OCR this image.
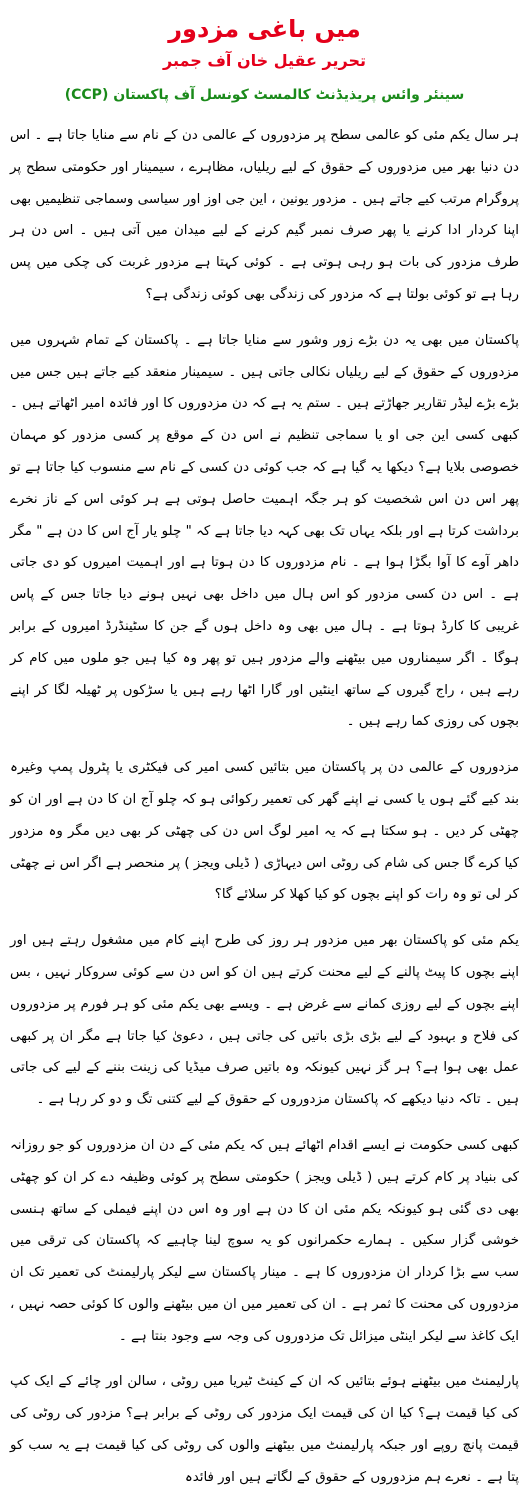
میں باغی مزدور
تحریر عقیل خان آف جمبر
سینئر وائس پریذیڈنٹ کالمسٹ کونسل آف پاکستان (CCP)

ہر سال یکم مئی کو عالمی سطح پر مزدوروں کے عالمی دن کے نام سے منایا جاتا ہے ۔ اس دن دنیا بھر میں مزدوروں کے حقوق کے لیے ریلیاں، مظاہرے ، سیمینار اور حکومتی سطح پر پروگرام مرتب کیے جاتے ہیں ۔ مزدور یونین ، این جی اوز اور سیاسی وسماجی تنظیمیں بھی اپنا کردار ادا کرنے یا پھر صرف نمبر گیم کرنے کے لیے میدان میں آتی ہیں ۔ اس دن ہر طرف مزدور کی بات ہو رہی ہوتی ہے ۔ کوئی کہتا ہے مزدور غربت کی چکی میں پس رہا ہے تو کوئی بولتا ہے کہ مزدور کی زندگی بھی کوئی زندگی ہے؟

پاکستان میں بھی یہ دن بڑے زور وشور سے منایا جاتا ہے ۔ پاکستان کے تمام شہروں میں مزدوروں کے حقوق کے لیے ریلیاں نکالی جاتی ہیں ۔ سیمینار منعقد کیے جاتے ہیں جس میں بڑے بڑے لیڈر تقاریر جھاڑتے ہیں ۔ ستم یہ ہے کہ دن مزدوروں کا اور فائدہ امیر اٹھاتے ہیں ۔ کبھی کسی این جی او یا سماجی تنظیم نے اس دن کے موقع پر کسی مزدور کو مہمان خصوصی بلایا ہے؟ دیکھا یہ گیا ہے کہ جب کوئی دن کسی کے نام سے منسوب کیا جاتا ہے تو پھر اس دن اس شخصیت کو ہر جگہ اہمیت حاصل ہوتی ہے ہر کوئی اس کے ناز نخرے برداشت کرتا ہے اور بلکہ یہاں تک بھی کہہ دیا جاتا ہے کہ " چلو یار آج اس کا دن ہے " مگر داھر آوے کا آوا بگڑا ہوا ہے ۔ نام مزدوروں کا دن ہوتا ہے اور اہمیت امیروں کو دی جاتی ہے ۔ اس دن کسی مزدور کو اس ہال میں داخل بھی نہیں ہونے دیا جاتا جس کے پاس غریبی کا کارڈ ہوتا ہے ۔ ہال میں بھی وہ داخل ہوں گے جن کا سٹینڈرڈ امیروں کے برابر ہوگا ۔ اگر سیمناروں میں بیٹھنے والے مزدور ہیں تو پھر وہ کیا ہیں جو ملوں میں کام کر رہے ہیں ، راج گیروں کے ساتھ اینٹیں اور گارا اٹھا رہے ہیں یا سڑکوں پر ٹھیلہ لگا کر اپنے بچوں کی روزی کما رہے ہیں ۔

مزدوروں کے عالمی دن پر پاکستان میں بتائیں کسی امیر کی فیکٹری یا پٹرول پمپ وغیرہ بند کیے گئے ہوں یا کسی نے اپنے گھر کی تعمیر رکوائی ہو کہ چلو آج ان کا دن ہے اور ان کو چھٹی کر دیں ۔ ہو سکتا ہے کہ یہ امیر لوگ اس دن کی چھٹی کر بھی دیں مگر وہ مزدور کیا کرے گا جس کی شام کی روٹی اس دیہاڑی ( ڈیلی ویجز ) پر منحصر ہے اگر اس نے چھٹی کر لی تو وہ رات کو اپنے بچوں کو کیا کھلا کر سلائے گا؟

یکم مئی کو پاکستان بھر میں مزدور ہر روز کی طرح اپنے کام میں مشغول رہتے ہیں اور اپنے بچوں کا پیٹ پالنے کے لیے محنت کرتے ہیں ان کو اس دن سے کوئی سروکار نہیں ، بس اپنے بچوں کے لیے روزی کمانے سے غرض ہے ۔ ویسے بھی یکم مئی کو ہر فورم پر مزدوروں کی فلاح و بہبود کے لیے بڑی بڑی باتیں کی جاتی ہیں ، دعویٰ کیا جاتا ہے مگر ان پر کبھی عمل بھی ہوا ہے؟ ہر گز نہیں کیونکہ وہ باتیں صرف میڈیا کی زینت بننے کے لیے کی جاتی ہیں ۔ تاکہ دنیا دیکھے کہ پاکستان مزدوروں کے حقوق کے لیے کتنی تگ و دو کر رہا ہے ۔

کبھی کسی حکومت نے ایسے اقدام اٹھائے ہیں کہ یکم مئی کے دن ان مزدوروں کو جو روزانہ کی بنیاد پر کام کرتے ہیں ( ڈیلی ویجز ) حکومتی سطح پر کوئی وظیفہ دے کر ان کو چھٹی بھی دی گئی ہو کیونکہ یکم مئی ان کا دن ہے اور وہ اس دن اپنے فیملی کے ساتھ ہنسی خوشی گزار سکیں ۔ ہمارے حکمرانوں کو یہ سوچ لینا چاہیے کہ پاکستان کی ترقی میں سب سے بڑا کردار ان مزدوروں کا ہے ۔ مینار پاکستان سے لیکر پارلیمنٹ کی تعمیر تک ان مزدوروں کی محنت کا ثمر ہے ۔ ان کی تعمیر میں ان میں بیٹھنے والوں کا کوئی حصہ نہیں ، ایک کاغذ سے لیکر اینٹی میزائل تک مزدوروں کی وجہ سے وجود بنتا ہے ۔

پارلیمنٹ میں بیٹھنے ہوئے بتائیں کہ ان کے کینٹ ٹیریا میں روٹی ، سالن اور چائے کے ایک کپ کی کیا قیمت ہے؟ کیا ان کی قیمت ایک مزدور کی روٹی کے برابر ہے؟ مزدور کی روٹی کی قیمت پانچ روپے اور جبکہ پارلیمنٹ میں بیٹھنے والوں کی روٹی کی کیا قیمت ہے یہ سب کو پتا ہے ۔ نعرے ہم مزدوروں کے حقوق کے لگاتے ہیں اور فائدہ
